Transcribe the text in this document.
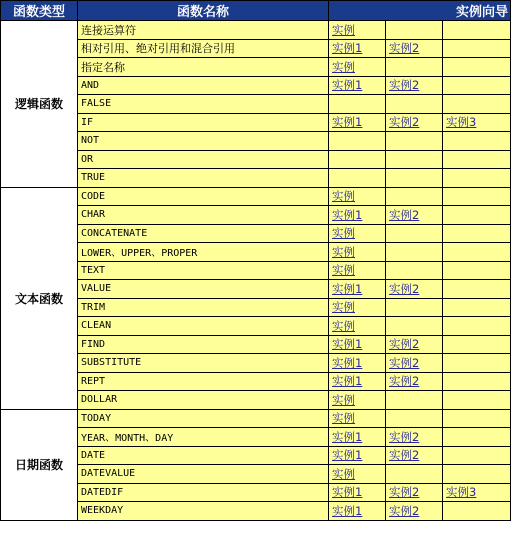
函数类型	函数名称	实例向导		
逻辑函数	连接运算符	实例		
	相对引用、绝对引用和混合引用	实例1	实例2	
	指定名称	实例		
	AND	实例1	实例2	
	FALSE			
	IF	实例1	实例2	实例3
	NOT			
	OR			
	TRUE			
文本函数	CODE	实例		
	CHAR	实例1	实例2	
	CONCATENATE	实例		
	LOWER、UPPER、PROPER	实例		
	TEXT	实例		
	VALUE	实例1	实例2	
	TRIM	实例		
	CLEAN	实例		
	FIND	实例1	实例2	
	SUBSTITUTE	实例1	实例2	
	REPT	实例1	实例2	
	DOLLAR	实例		
日期函数	TODAY	实例		
	YEAR、MONTH、DAY	实例1	实例2	
	DATE	实例1	实例2	
	DATEVALUE	实例		
	DATEDIF	实例1	实例2	实例3
	WEEKDAY	实例1	实例2	
